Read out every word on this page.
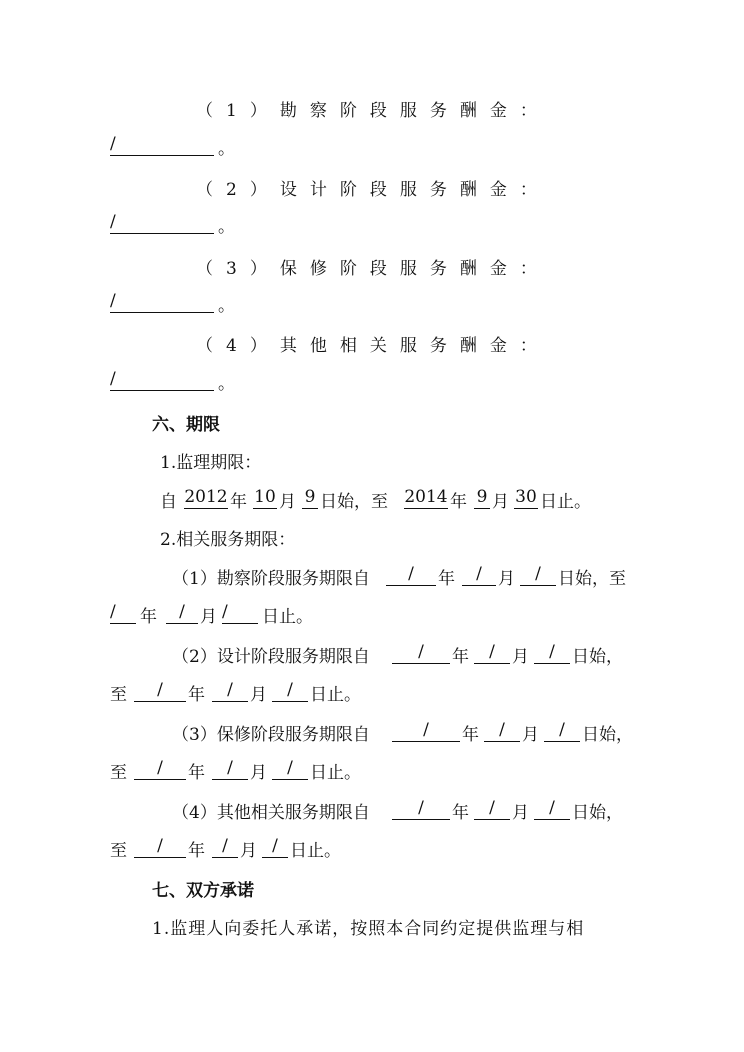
（1）勘察阶段服务酬金：
/	。
（2）设计阶段服务酬金：
/	。
（3）保修阶段服务酬金：
/	。
（4）其他相关服务酬金：
/	。
六、期限
1.监理期限：
自 2012 年 10 月 9 日始，至 2014 年 9 月 30 日止。
2.相关服务期限：
（1）勘察阶段服务期限自	/	年	/ 月	/	日始，至
/	年	/ 月 /	日止。
（2）设计阶段服务期限自	/	年	/	月	/	日始，
至	/	年	/	月	/	日止。
（3）保修阶段服务期限自	/	年	/	月	/	日始，
至	/	年	/	月	/	日止。
（4）其他相关服务期限自	/	年	/	月	/	日始，
至	/	年	/ 月 / 日止。
七、双方承诺
1.监理人向委托人承诺，按照本合同约定提供监理与相
